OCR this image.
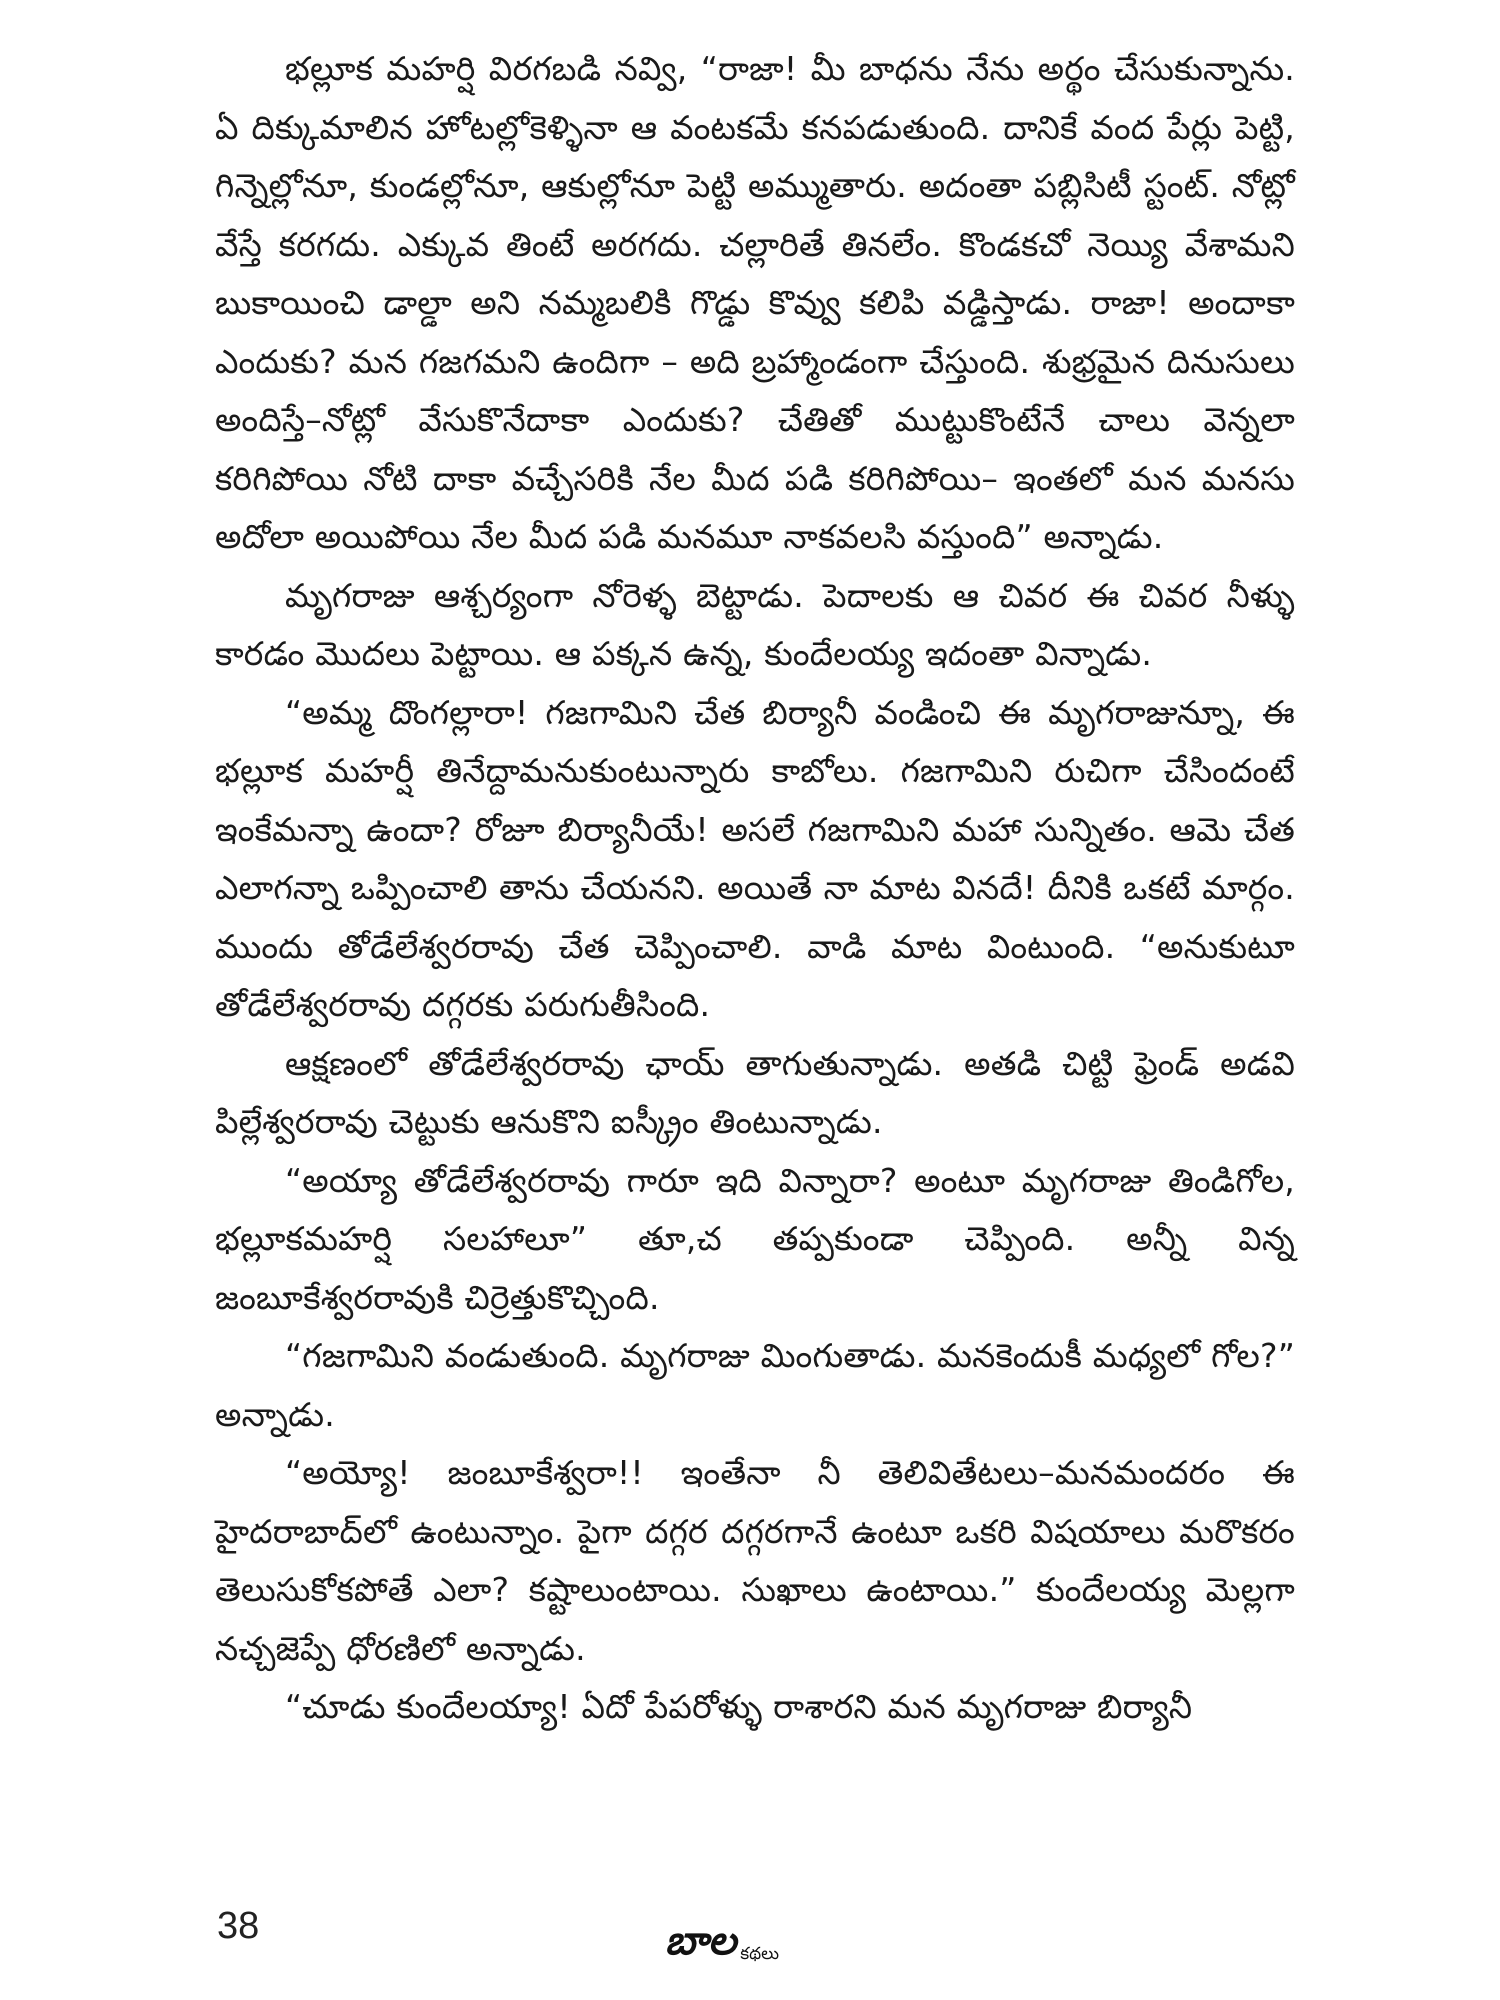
భల్లూక మహర్షి విరగబడి నవ్వి, “రాజా! మీ బాధను నేను అర్థం చేసుకున్నాను. ఏ దిక్కుమాలిన హోటల్లోకెళ్ళినా ఆ వంటకమే కనపడుతుంది. దానికే వంద పేర్లు పెట్టి, గిన్నెల్లోనూ, కుండల్లోనూ, ఆకుల్లోనూ పెట్టి అమ్ముతారు. అదంతా పబ్లిసిటీ స్టంట్. నోట్లో వేస్తే కరగదు. ఎక్కువ తింటే అరగదు. చల్లారితే తినలేం. కొండకచో నెయ్యి వేశామని బుకాయించి డాల్డా అని నమ్మబలికి గొడ్డు కొవ్వు కలిపి వడ్డిస్తాడు. రాజా! అందాకా ఎందుకు? మన గజగమని ఉందిగా – అది బ్రహ్మాండంగా చేస్తుంది. శుభ్రమైన దినుసులు అందిస్తే–నోట్లో వేసుకొనేదాకా ఎందుకు? చేతితో ముట్టుకొంటేనే చాలు వెన్నలా కరిగిపోయి నోటి దాకా వచ్చేసరికి నేల మీద పడి కరిగిపోయి– ఇంతలో మన మనసు అదోలా అయిపోయి నేల మీద పడి మనమూ నాకవలసి వస్తుంది” అన్నాడు.

మృగరాజు ఆశ్చర్యంగా నోరెళ్ళ బెట్టాడు. పెదాలకు ఆ చివర ఈ చివర నీళ్ళు కారడం మొదలు పెట్టాయి. ఆ పక్కన ఉన్న, కుందేలయ్య ఇదంతా విన్నాడు.

“అమ్మ దొంగల్లారా! గజగామిని చేత బిర్యానీ వండించి ఈ మృగరాజున్నూ, ఈ భల్లూక మహర్షీ తినేద్దామనుకుంటున్నారు కాబోలు. గజగామిని రుచిగా చేసిందంటే ఇంకేమన్నా ఉందా? రోజూ బిర్యానీయే! అసలే గజగామిని మహా సున్నితం. ఆమె చేత ఎలాగన్నా ఒప్పించాలి తాను చేయనని. అయితే నా మాట వినదే! దీనికి ఒకటే మార్గం. ముందు తోడేలేశ్వరరావు చేత చెప్పించాలి. వాడి మాట వింటుంది. “అనుకుటూ తోడేలేశ్వరరావు దగ్గరకు పరుగుతీసింది.

ఆక్షణంలో తోడేలేశ్వరరావు ఛాయ్ తాగుతున్నాడు. అతడి చిట్టి ఫ్రెండ్ అడవి పిల్లేశ్వరరావు చెట్టుకు ఆనుకొని ఐస్క్రీం తింటున్నాడు.

“అయ్యా తోడేలేశ్వరరావు గారూ ఇది విన్నారా? అంటూ మృగరాజు తిండిగోల, భల్లూకమహర్షి సలహాలూ” తూ,చ తప్పకుండా చెప్పింది. అన్నీ విన్న జంబూకేశ్వరరావుకి చిర్రెత్తుకొచ్చింది.

“గజగామిని వండుతుంది. మృగరాజు మింగుతాడు. మనకెందుకీ మధ్యలో గోల?” అన్నాడు.

“అయ్యో! జంబూకేశ్వరా!! ఇంతేనా నీ తెలివితేటలు–మనమందరం ఈ హైదరాబాద్‌లో ఉంటున్నాం. పైగా దగ్గర దగ్గరగానే ఉంటూ ఒకరి విషయాలు మరొకరం తెలుసుకోకపోతే ఎలా? కష్టాలుంటాయి. సుఖాలు ఉంటాయి.” కుందేలయ్య మెల్లగా నచ్చజెప్పే ధోరణిలో అన్నాడు.

“చూడు కుందేలయ్యా! ఏదో పేపరోళ్ళు రాశారని మన మృగరాజు బిర్యానీ

38	బాల కథలు
